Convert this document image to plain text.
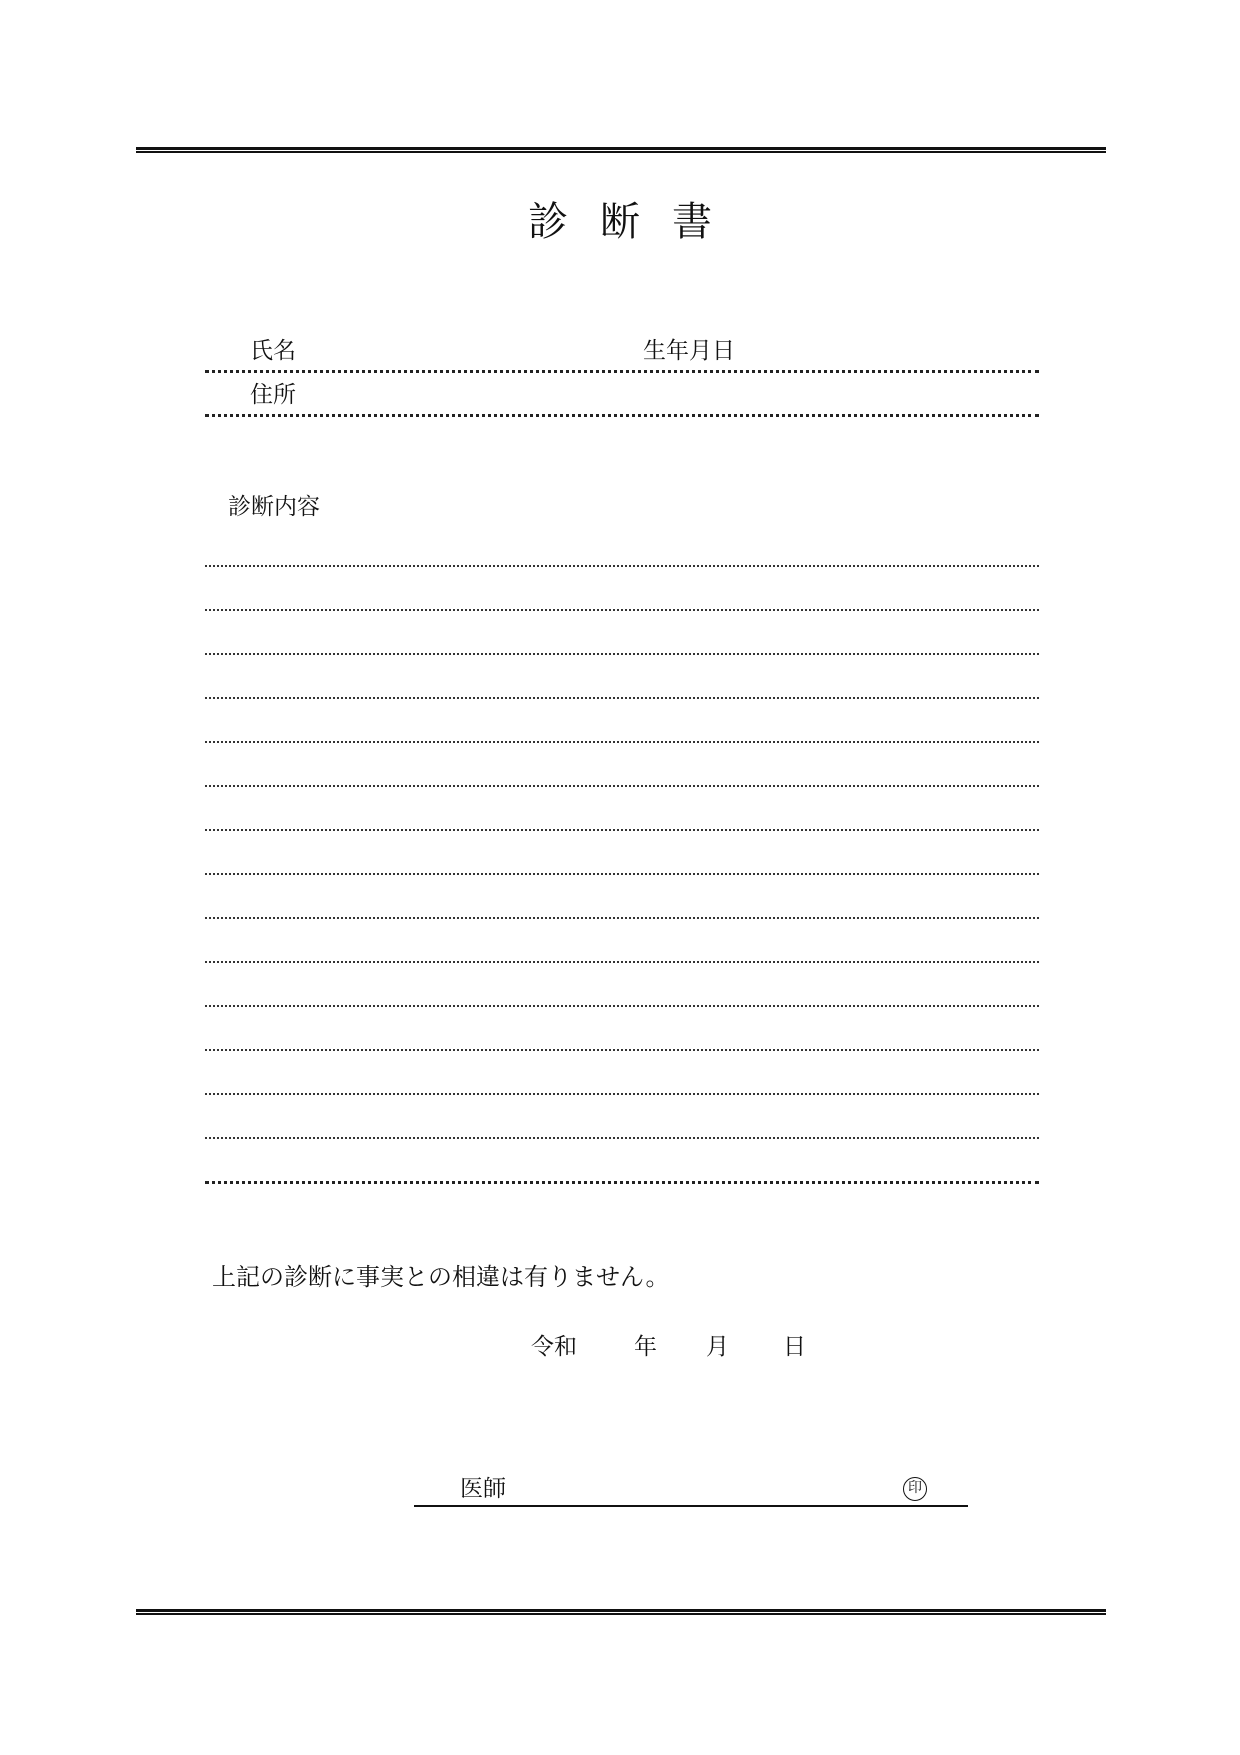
診断書
氏名	生年月日
住所
診断内容
上記の診断に事実との相違は有りません。
令和 年 月 日
医師	印
